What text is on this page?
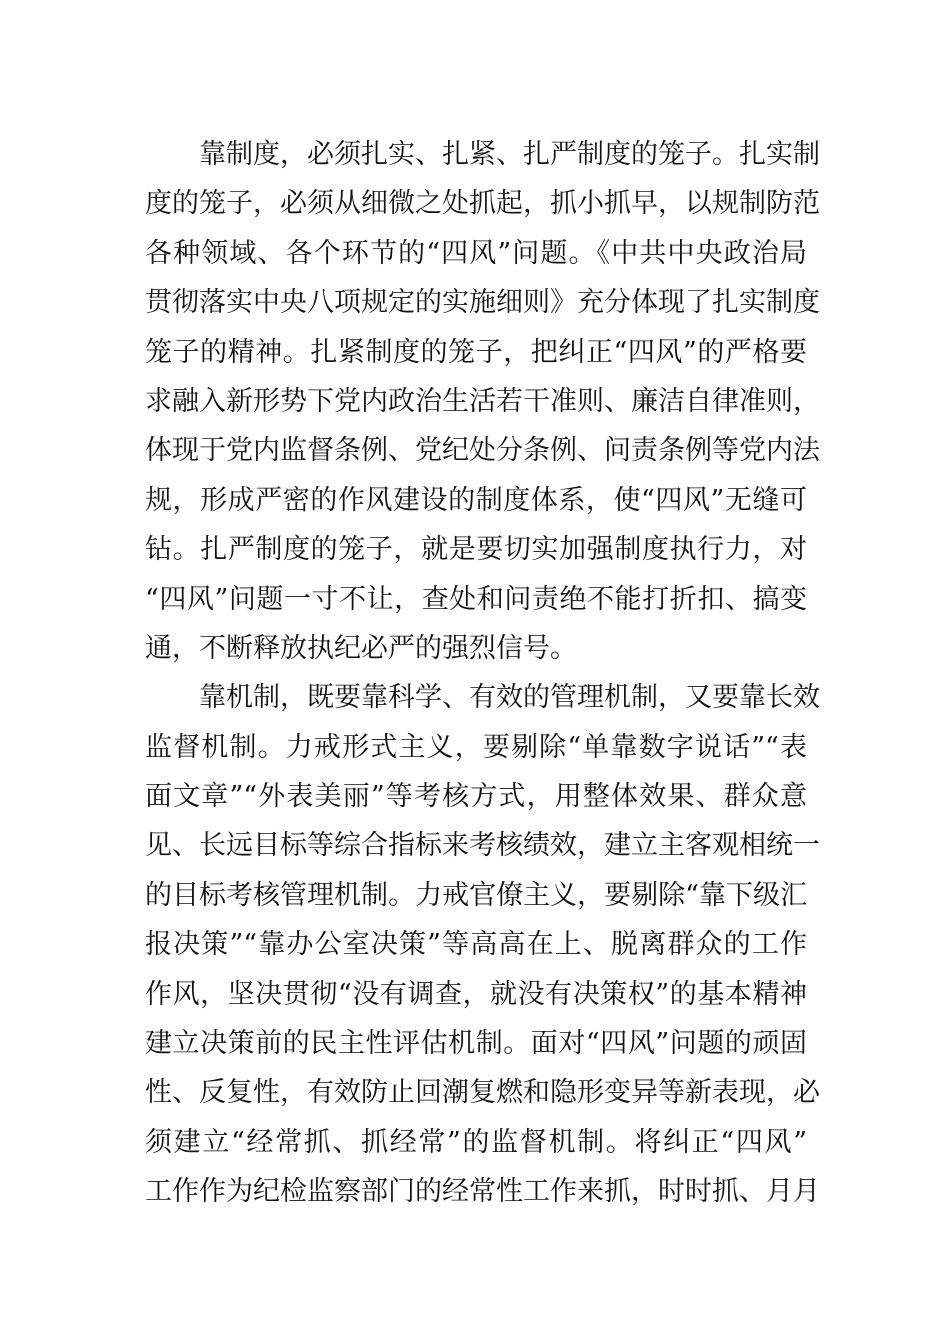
　　靠制度，必须扎实、扎紧、扎严制度的笼子。扎实制
度的笼子，必须从细微之处抓起，抓小抓早，以规制防范
各种领域、各个环节的“四风”问题。《中共中央政治局
贯彻落实中央八项规定的实施细则》充分体现了扎实制度
笼子的精神。扎紧制度的笼子，把纠正“四风”的严格要
求融入新形势下党内政治生活若干准则、廉洁自律准则，
体现于党内监督条例、党纪处分条例、问责条例等党内法
规，形成严密的作风建设的制度体系，使“四风”无缝可
钻。扎严制度的笼子，就是要切实加强制度执行力，对
“四风”问题一寸不让，查处和问责绝不能打折扣、搞变
通，不断释放执纪必严的强烈信号。
　　靠机制，既要靠科学、有效的管理机制，又要靠长效
监督机制。力戒形式主义，要剔除“单靠数字说话”“表
面文章”“外表美丽”等考核方式，用整体效果、群众意
见、长远目标等综合指标来考核绩效，建立主客观相统一
的目标考核管理机制。力戒官僚主义，要剔除“靠下级汇
报决策”“靠办公室决策”等高高在上、脱离群众的工作
作风，坚决贯彻“没有调查，就没有决策权”的基本精神
建立决策前的民主性评估机制。面对“四风”问题的顽固
性、反复性，有效防止回潮复燃和隐形变异等新表现，必
须建立“经常抓、抓经常”的监督机制。将纠正“四风”
工作作为纪检监察部门的经常性工作来抓，时时抓、月月
